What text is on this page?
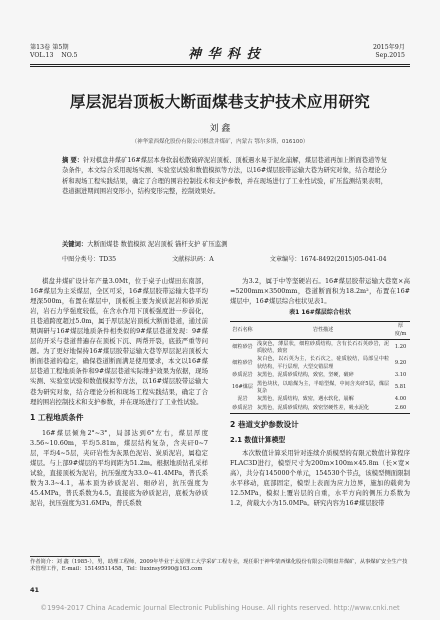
第13卷 第5期
VOL.13 NO.5	神 华 科 技	2015年9月
Sep.2015
厚层泥岩顶板大断面煤巷支护技术应用研究
刘 鑫
（神华蒙西煤化股份有限公司棋盘井煤矿，内蒙古 鄂尔多斯，016100）
摘 要：针对棋盘井煤矿16#煤层本身软弱松散破碎泥岩顶板、顶板遇水易于泥化崩解，煤层巷道再加上断面巷道等复杂条件，本文综合采用现场实测、实验室试验和数值模拟等方法，以16#煤层胶带运输大巷为研究对象，结合理论分析和现场工程实践结果，确定了合理的围岩控制技术和支护参数，并在现场进行了工业性试验，矿压监测结果表明，巷道掘进期间围岩变形小，结构变形完整，控制效果好。
关键词：大断面煤巷 数值模拟 泥岩顶板 锚杆支护 矿压监测
中图分类号：TD35	文献标识码：A	文章编号：1674-8492(2015)05-041-04

棋盘井煤矿设计年产量3.0Mt，位于桌子山煤田东南部，16#煤层为主采煤层，全区可采，16#煤层胶带运输大巷平均埋深500m，布置在煤层中，顶板板主要为炭质泥岩和砂质泥岩，岩石力学强度较低，在含水作用下顶板强度进一步弱化，且巷道跨度超过5.0m，属于厚层泥岩顶板大断面巷道，通过前期调研与16#煤层地质条件相类似的9#煤层巷道发现：9#煤层的开采与巷道普遍存在顶板下沉、两帮开裂，底鼓严重等问题。为了更好地保持16#煤层胶带运输大巷等厚层泥岩顶板大断面巷道的稳定，确保巷道断面满足使用要求，本文以16#煤层巷道工程地质条件和9#煤层巷道实际维护效果为依据，现场实测、实验室试验和数值模拟等方法，以16#煤层胶带运输大巷为研究对象，结合理论分析和现场工程实践结果，确定了合理的围岩控制技术和支护参数，并在现场进行了工业性试验。

1 工程地质条件

16#煤层倾角2°~3°，局部达到6°左右，煤层厚度3.56~10.60m，平均5.81m，煤层结构复杂，含夹矸0~7层，平均4~5层，夹矸岩性为灰黑色泥岩、炭质泥岩，属稳定煤层。与上部9#煤层的平均间距为51.2m。根据地质钻孔采样试验，直接顶板为泥岩，抗压强度为33.0~41.4MPa，普氏系数为3.3~4.1，基本顶为砂质泥岩、细砂岩，抗压强度为45.4MPa，普氏系数为4.5。直接底为砂质泥岩，底板为砂质泥岩，抗压强度为31.6MPa，普氏系数

为3.2，属于中等坚硬岩石。16#煤层胶带运输大巷宽×高=5200mm×3500mm，巷道断面积为18.2m²，布置在16#煤层中，16#煤层综合柱状见表1。

表1 16#煤层综合柱状
岩石名称	岩性描述	厚度/m
细粒砂岩	浅灰色，薄层状，细粒砂质结构，含有长石石英砂岩，泥质胶结，致密	1.20
细粒砂岩	灰白色，以石英为主，长石次之，硅质胶结，局部呈中粒状结构，平行层理，大型交错层理	9.20
砂质泥岩	灰黑色，泥质砂质结构，致密，坚硬，破碎	3.10
16#煤层	黑色块状，以暗煤为主，半暗型煤，中间含夹矸5层，煤层复杂	5.81
泥岩	灰黑色，泥质结构，致密，遇水软化，崩解	4.00
砂质泥岩	灰黑色，泥质砂质结构，致密坚硬性差，吸水泥化	2.60
2 巷道支护参数设计
2.1 数值计算模型

本次数值计算采用针对连续介质模型的有限元数值计算程序FLAC3D进行，模型尺寸为200m×100m×45.8m（长×宽×高），共分有145000个单元，154530个节点，该模型侧面限制水平移动，底部固定，模型上表面为应力边界，施加的载荷为12.5MPa，模拟上覆岩层的自重，水平方向的侧压力系数为1.2，荷载大小为15.0MPa。研究内容为16#煤层胶带

作者简介：刘 鑫（1985-），男，助理工程师，2009年毕业于太原理工大学采矿工程专业，现任职于神华蒙西煤化股份有限公司棋盘井煤矿，从事煤矿安全生产技术管理工作，E-mail：15149511458，Tel：liuxinsy9990@163.com
41
©1994-2017 China Academic Journal Electronic Publishing House. All rights reserved. http://www.cnki.net
